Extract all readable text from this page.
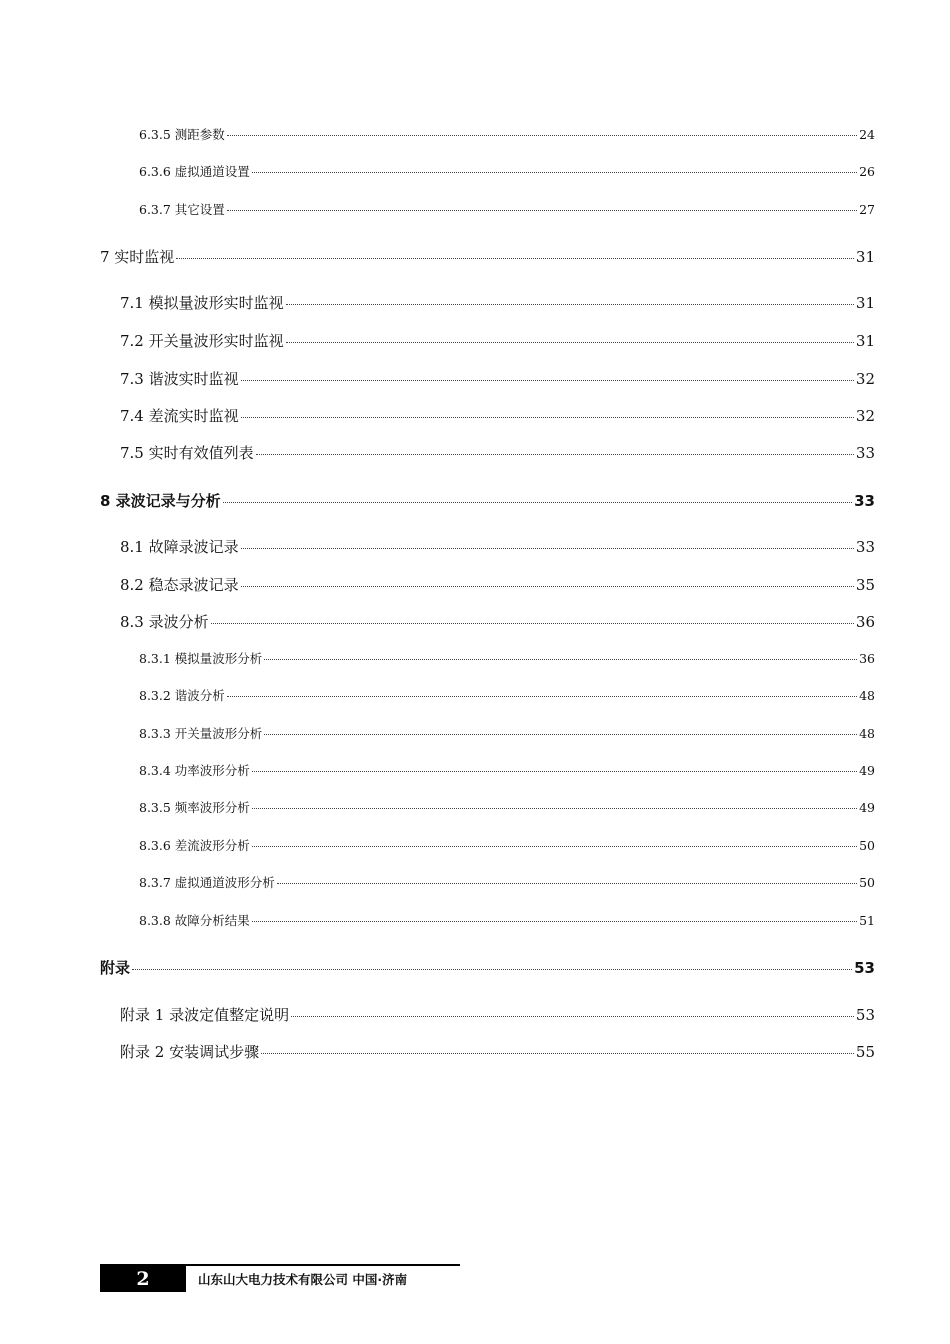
6.3.5 测距参数	24
6.3.6 虚拟通道设置	26
6.3.7 其它设置	27
7 实时监视	31
7.1 模拟量波形实时监视	31
7.2 开关量波形实时监视	31
7.3 谐波实时监视	32
7.4 差流实时监视	32
7.5 实时有效值列表	33
8 录波记录与分析	33
8.1 故障录波记录	33
8.2 稳态录波记录	35
8.3 录波分析	36
8.3.1 模拟量波形分析	36
8.3.2 谐波分析	48
8.3.3 开关量波形分析	48
8.3.4 功率波形分析	49
8.3.5 频率波形分析	49
8.3.6 差流波形分析	50
8.3.7 虚拟通道波形分析	50
8.3.8 故障分析结果	51
附录	53
附录 1 录波定值整定说明	53
附录 2 安装调试步骤	55
2	山东山大电力技术有限公司 中国·济南
